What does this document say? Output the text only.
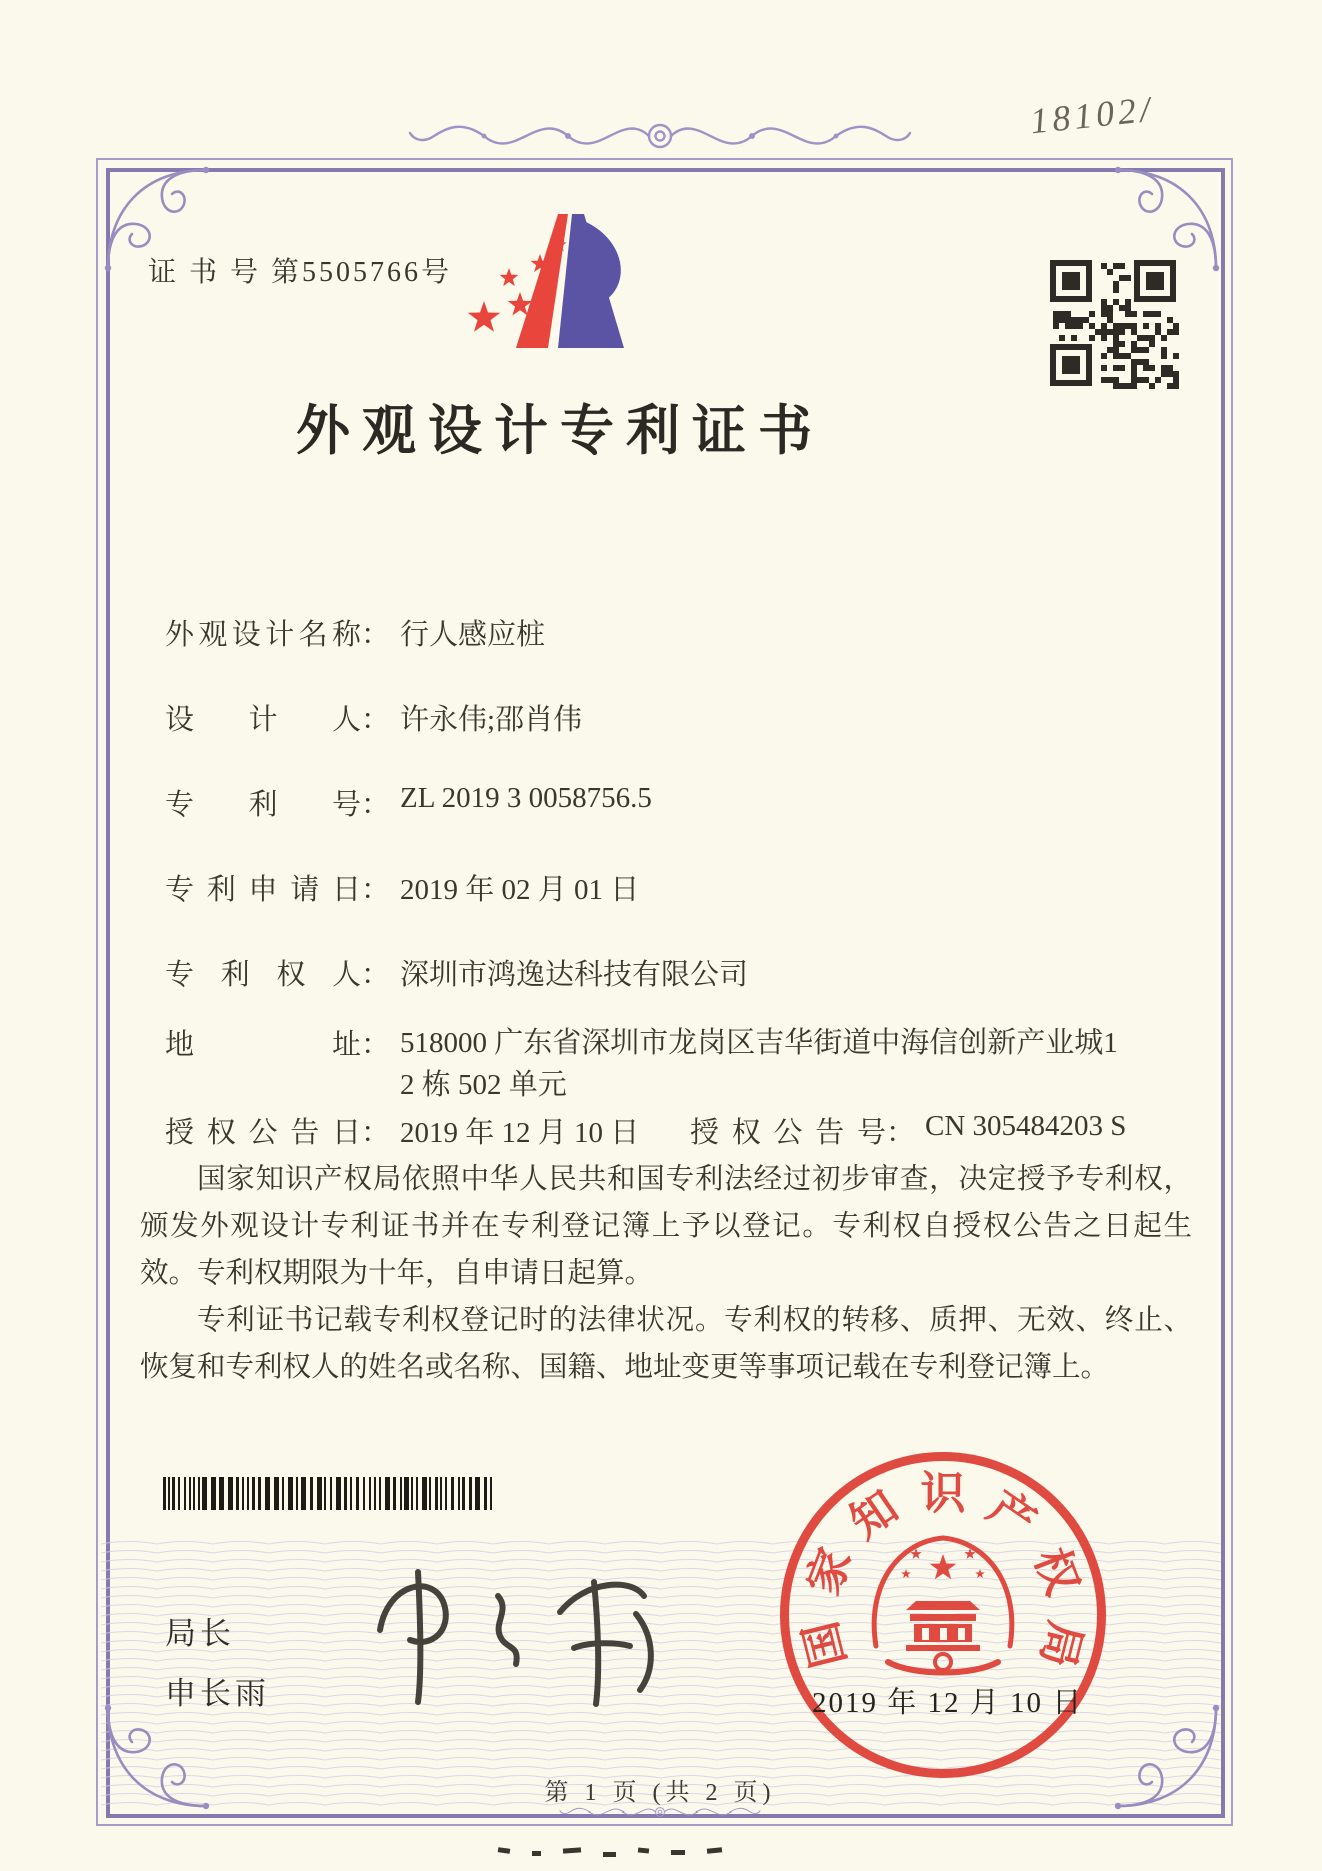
18102/
证 书 号 第5505766号
外观设计专利证书
外观设计名称： 行人感应桩
设计人： 许永伟;邵肖伟
专利号： ZL 2019 3 0058756.5
专利申请日： 2019 年 02 月 01 日
专利权人： 深圳市鸿逸达科技有限公司
地址： 518000 广东省深圳市龙岗区吉华街道中海信创新产业城1
2 栋 502 单元
授权公告日： 2019 年 12 月 10 日 授权公告号： CN 305484203 S

国家知识产权局依照中华人民共和国专利法经过初步审查，决定授予专利权，颁发外观设计专利证书并在专利登记簿上予以登记。专利权自授权公告之日起生效。专利权期限为十年，自申请日起算。

专利证书记载专利权登记时的法律状况。专利权的转移、质押、无效、终止、恢复和专利权人的姓名或名称、国籍、地址变更等事项记载在专利登记簿上。

局长
申长雨
国
家
知 识 产
权
局
2019 年 12 月 10 日
第 1 页 (共 2 页)
